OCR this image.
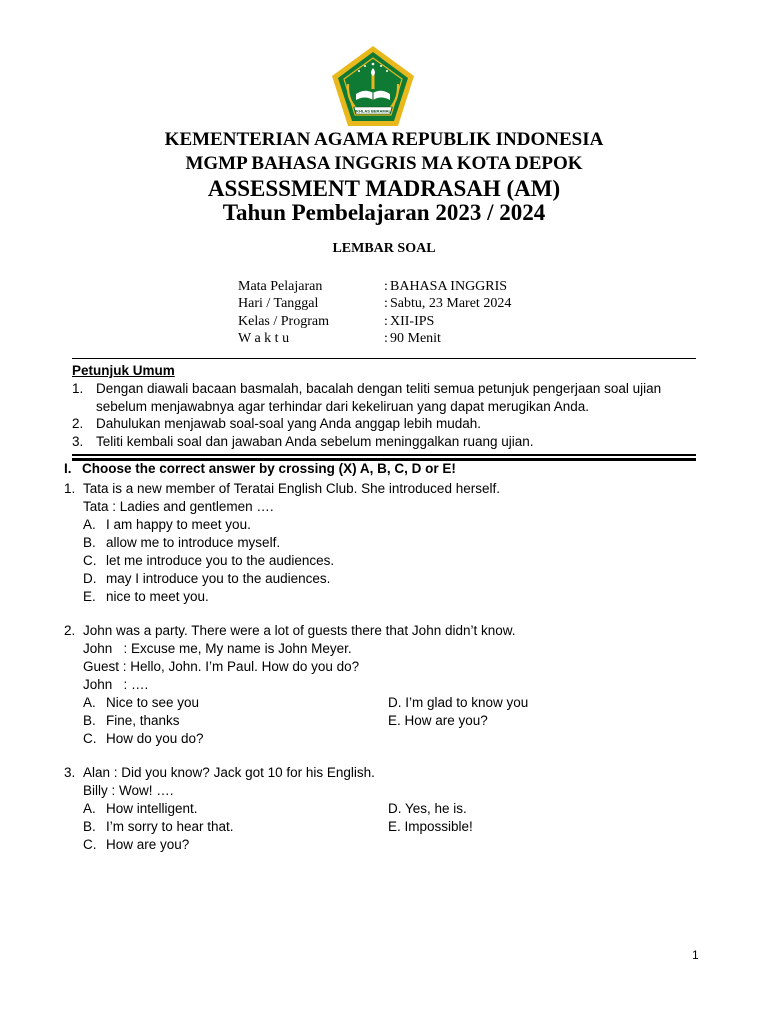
IKHLAS BERAMAL
KEMENTERIAN AGAMA REPUBLIK INDONESIA
MGMP BAHASA INGGRIS MA KOTA DEPOK
ASSESSMENT MADRASAH (AM)
Tahun Pembelajaran 2023 / 2024
LEMBAR SOAL
Mata Pelajaran	: BAHASA INGGRIS
Hari / Tanggal	: Sabtu, 23 Maret 2024
Kelas / Program	: XII-IPS
W a k t u	: 90 Menit
Petunjuk Umum
1. Dengan diawali bacaan basmalah, bacalah dengan teliti semua petunjuk pengerjaan soal ujian sebelum menjawabnya agar terhindar dari kekeliruan yang dapat merugikan Anda.
2. Dahulukan menjawab soal-soal yang Anda anggap lebih mudah.
3. Teliti kembali soal dan jawaban Anda sebelum meninggalkan ruang ujian.
I. Choose the correct answer by crossing (X) A, B, C, D or E!
1. Tata is a new member of Teratai English Club. She introduced herself.
Tata : Ladies and gentlemen ….
A. I am happy to meet you.
B. allow me to introduce myself.
C. let me introduce you to the audiences.
D. may I introduce you to the audiences.
E. nice to meet you.
2. John was a party. There were a lot of guests there that John didn’t know.
John   : Excuse me, My name is John Meyer.
Guest : Hello, John. I’m Paul. How do you do?
John   : ….
A. Nice to see you	D. I’m glad to know you
B. Fine, thanks	E. How are you?
C. How do you do?
3. Alan : Did you know? Jack got 10 for his English.
Billy : Wow! ….
A. How intelligent.	D. Yes, he is.
B. I’m sorry to hear that.	E. Impossible!
C. How are you?
1
